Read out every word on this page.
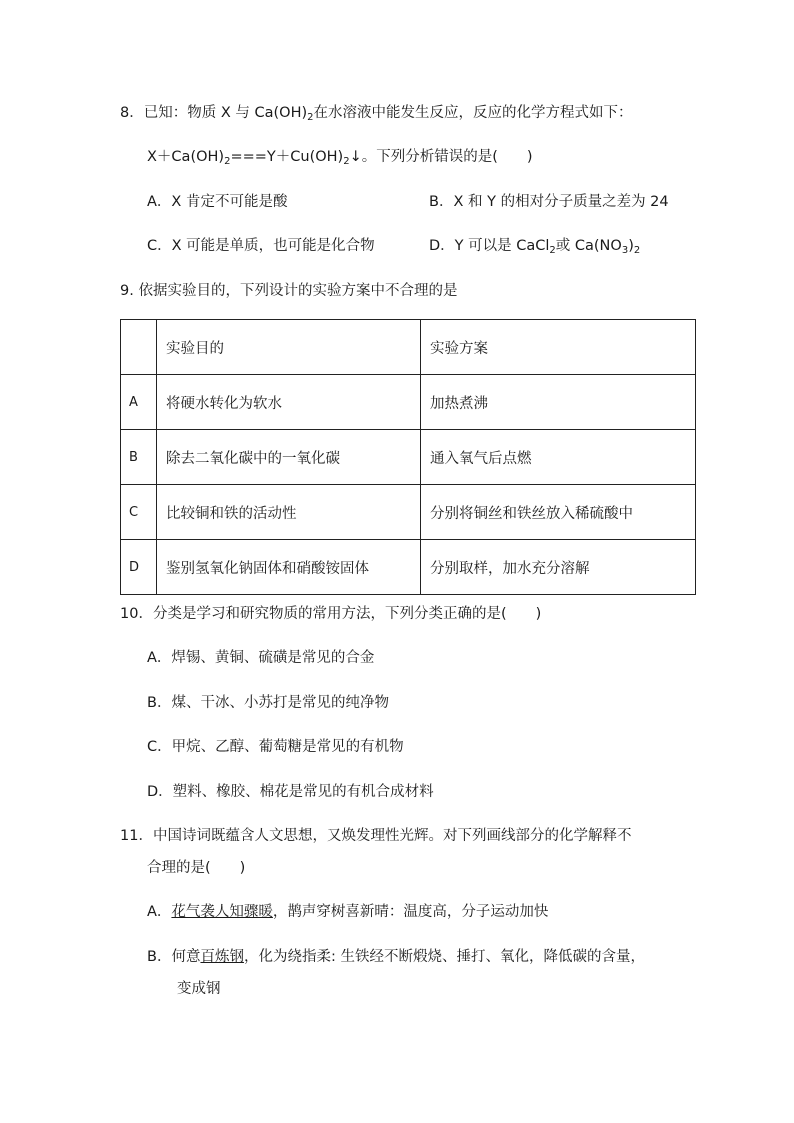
8．已知：物质 X 与 $Ca(OH)_2$在水溶液中能发生反应，反应的化学方程式如下：
$X+Ca(OH)_2===Y+Cu(OH)_2↓$。下列分析错误的是(　　)
A．X 肯定不可能是酸	B．X 和 Y 的相对分子质量之差为 24
C．X 可能是单质，也可能是化合物	D．Y 可以是 CaCl$_2$或 $Ca(NO_3)_2$
9. 依据实验目的，下列设计的实验方案中不合理的是
	实验目的	实验方案
A	将硬水转化为软水	加热煮沸
B	除去二氧化碳中的一氧化碳	通入氧气后点燃
C	比较铜和铁的活动性	分别将铜丝和铁丝放入稀硫酸中
D	鉴别氢氧化钠固体和硝酸铵固体	分别取样，加水充分溶解
10．分类是学习和研究物质的常用方法，下列分类正确的是(　　)
A．焊锡、黄铜、硫磺是常见的合金
B．煤、干冰、小苏打是常见的纯净物
C．甲烷、乙醇、葡萄糖是常见的有机物
D．塑料、橡胶、棉花是常见的有机合成材料
11．中国诗词既蕴含人文思想，又焕发理性光辉。对下列画线部分的化学解释不
合理的是(　　)
A．花气袭人知骤暖，鹊声穿树喜新晴：温度高，分子运动加快
B．何意百炼钢，化为绕指柔: 生铁经不断煅烧、捶打、氧化，降低碳的含量，
变成钢
